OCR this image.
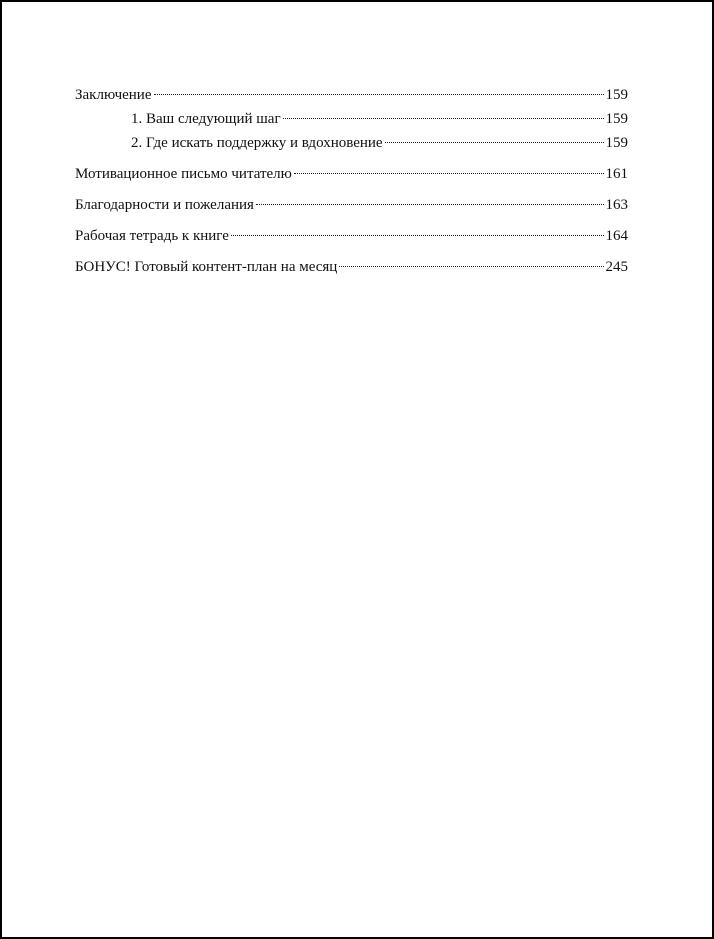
Заключение	159
1. Ваш следующий шаг	159
2. Где искать поддержку и вдохновение	159
Мотивационное письмо читателю	161
Благодарности и пожелания	163
Рабочая тетрадь к книге	164
БОНУС! Готовый контент-план на месяц	245
